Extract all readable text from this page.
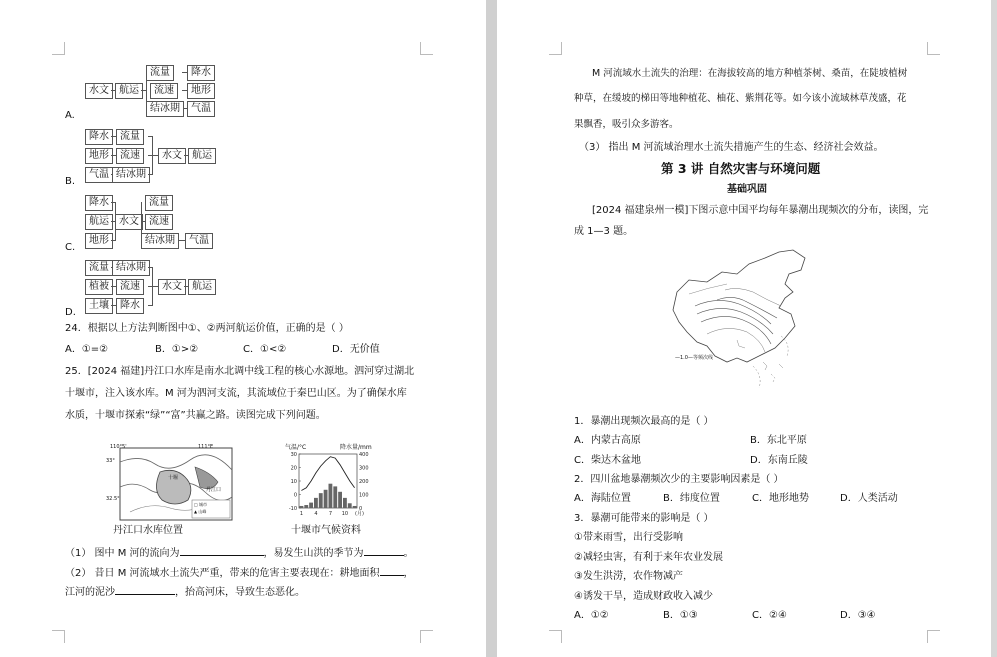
水文	航运
流量
流速
结冰期
降水
地形
气温
A.
降水
地形
气温
流量
流速
结冰期
水文	航运
B.
降水
航运
地形
水文
流量
流速
结冰期	气温
C.
流量
植被
土壤
结冰期
流速
降水
水文	航运
D.
24．根据以上方法判断图中①、②两河航运价值，正确的是（ ）
A．①=②	B．①>②	C．①<②	D．无价值
25．[2024 福建]丹江口水库是南水北调中线工程的核心水源地。泗河穿过湖北
十堰市，注入该水库。M 河为泗河支流，其流域位于秦巴山区。为了确保水库
水质，十堰市探索“绿”“富”共赢之路。读图完成下列问题。
110°5'	111°E
33°
32.5°
十堰
丹江口
□ 城市
▲ 山峰
丹江口水库位置
气温/°C	降水量/mm
30
20
10
0
-10
400
300
200
100
0
1 4 7 10 (月)
十堰市气候资料
（1） 图中 M 河的流向为	，易发生山洪的季节为	。
（2） 昔日 M 河流域水土流失严重，带来的危害主要表现在：耕地面积 ，
江河的泥沙	，抬高河床，导致生态恶化。
M 河流域水土流失的治理：在海拔较高的地方种植茶树、桑苗，在陡坡植树
种草，在缓坡的梯田等地种植花、柚花、紫荆花等。如今该小流域林草茂盛，花
果飘香，吸引众多游客。
（3） 指出 M 河流域治理水土流失措施产生的生态、经济社会效益。
第 3 讲 自然灾害与环境问题
基础巩固
[2024 福建泉州一模]下图示意中国平均每年暴潮出现频次的分布，读图，完
成 1—3 题。
—1.0—等频次线
1．暴潮出现频次最高的是（ ）
A．内蒙古高原	B．东北平原
C．柴达木盆地	D．东南丘陵
2．四川盆地暴潮频次少的主要影响因素是（ ）
A．海陆位置	B．纬度位置	C．地形地势	D．人类活动
3．暴潮可能带来的影响是（ ）
①带来雨雪，出行受影响
②减轻虫害，有利于来年农业发展
③发生洪涝，农作物减产
④诱发干旱，造成财政收入减少
A．①②	B．①③	C．②④	D．③④
